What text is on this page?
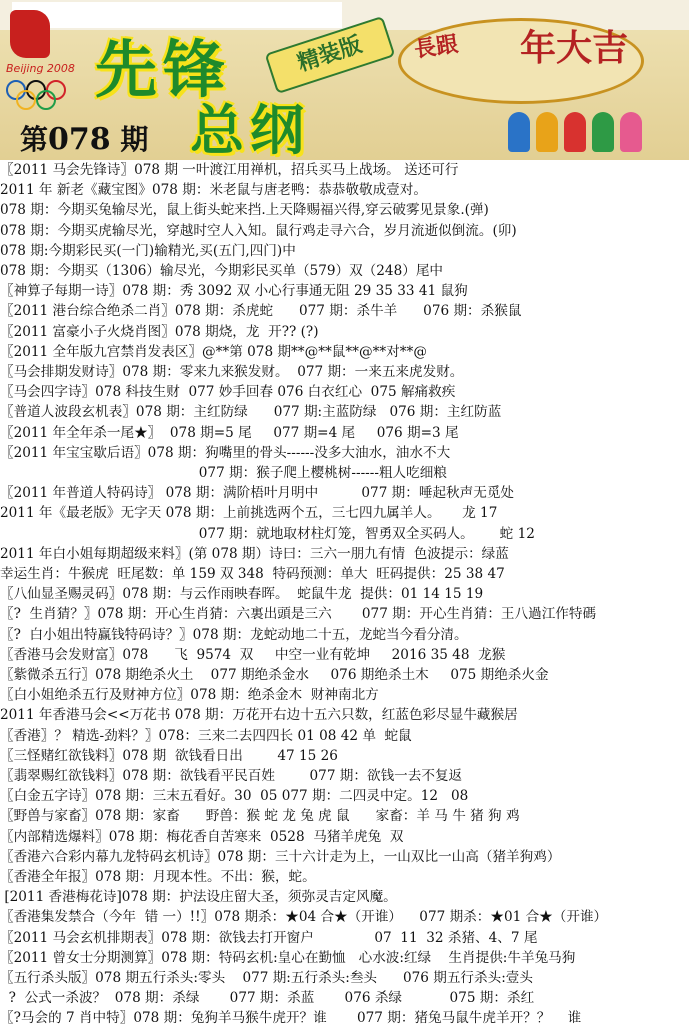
Beijing 2008 先锋	精装版
总纲
第078 期
長跟 年大吉
〖2011 马会先锋诗〗078 期 一叶渡江用禅机，招兵买马上战场。 送还可行
2011 年 新老《藏宝图》078 期：米老鼠与唐老鸭：恭恭敬敬成壹对。
078 期：今期买兔输尽光，鼠上街头蛇来挡.上天降赐福兴得,穿云破雾见景象.(弹)
078 期：今期买虎输尽光，穿越时空人入知。鼠行鸡走寻六合，岁月流逝似倒流。(卯)
078 期:今期彩民买(一门)输精光,买(五门,四门)中
078 期：今期买（1306）输尽光，今期彩民买单（579）双（248）尾中
〖神算子每期一诗〗078 期：秀 3092 双 小心行事通无阻 29 35 33 41 鼠狗
〖2011 港台综合绝杀二肖〗078 期：杀虎蛇      077 期：杀牛羊      076 期：杀猴鼠
〖2011 富豪小子火烧肖图〗078 期烧，龙  开?? (?)
〖2011 全年版九宫禁肖发表区〗@**第 078 期**@**鼠**@**对**@
〖马会排期发财诗〗078 期：零来九来猴发财。  077 期：一来五来虎发财。
〖马会四字诗〗078 科技生财  077 妙手回春 076 白衣红心  075 解痛救疾
〖普道人波段玄机表〗078 期：主红防绿      077 期:主蓝防绿   076 期：主红防蓝
〖2011 年全年杀一尾★〗  078 期=5 尾     077 期=4 尾     076 期=3 尾
〖2011 年宝宝歇后语〗078 期：狗嘴里的骨头------没多大油水，油水不大
077 期：猴子爬上樱桃树------粗人吃细粮
〖2011 年普道人特码诗〗 078 期：满阶梧叶月明中          077 期：唾起秋声无觅处
2011 年《最老版》无字天 078 期：上前挑选两个五，三七四九属羊人。     龙 17
077 期：就地取材柱灯笼，智勇双全买码人。      蛇 12
2011 年白小姐每期超级来料〗(第 078 期）诗曰：三六一朋九有情  色波提示：绿蓝
幸运生肖：牛猴虎  旺尾数：单 159 双 348  特码预测：单大  旺码提供：25 38 47
〖八仙显圣赐灵码〗078 期：与云作雨映春晖。  蛇鼠牛龙  提供：01 14 15 19
〖?  生肖猜？〗078 期：开心生肖猜：六裏出頭是三六       077 期：开心生肖猜：王八過江作特碼
〖?  白小姐出特赢钱特码诗？〗078 期：龙蛇动地二十五，龙蛇当今看分清。
〖香港马会发财富〗078      飞  9574  双     中空一业有乾坤     2016 35 48  龙猴
〖紫微杀五行〗078 期绝杀火土    077 期绝杀金水     076 期绝杀土木     075 期绝杀火金
〖白小姐绝杀五行及财神方位〗078 期：绝杀金木  财神南北方
2011 年香港马会<<万花书 078 期：万花开右边十五六只数，红蓝色彩尽显牛藏猴居
〖香港〗？ 精选-劲料？〗078：三来二去四四长 01 08 42 单  蛇鼠
〖三怪赌红欲钱料〗078 期  欲钱看日出        47 15 26
〖翡翠赐红欲钱料〗078 期：欲钱看平民百姓        077 期：欲钱一去不复返
〖白金五字诗〗078 期：三末五看好。30  05 077 期：二四灵中定。12   08
〖野兽与家畜〗078 期：家畜      野兽：猴 蛇 龙 兔 虎 鼠      家畜：羊 马 牛 猪 狗 鸡
〖内部精选爆料〗078 期：梅花香自苦寒来  0528  马猪羊虎兔  双
〖香港六合彩内幕九龙特码玄机诗〗078 期：三十六计走为上，一山双比一山高（猪羊狗鸡）
〖香港全年报〗078 期：月现本性。不出：猴，蛇。
[2011 香港梅花诗]078 期：护法设庄留大圣，须弥灵吉定风魔。
〖香港集发禁合（今年  错 一）!!〗078 期杀：★04 合★（开谁）    077 期杀：★01 合★（开谁）
〖2011 马会玄机排期表〗078 期：欲钱去打开窗户              07  11  32 杀猪、4、7 尾
〖2011 曾女士分期测算〗078 期：特码玄机:皇心在勤恤   心水波:红绿    生肖提供:牛羊兔马狗
〖五行杀头版〗078 期五行杀头:零头    077 期:五行杀头:叁头      076 期五行杀头:壹头
?  公式一杀波？  078 期：杀绿       077 期：杀蓝       076 杀绿           075 期：杀红
〖?马会的 7 肖中特〗078 期：兔狗羊马猴牛虎开？谁       077 期：猪兔马鼠牛虎羊开？？    谁
